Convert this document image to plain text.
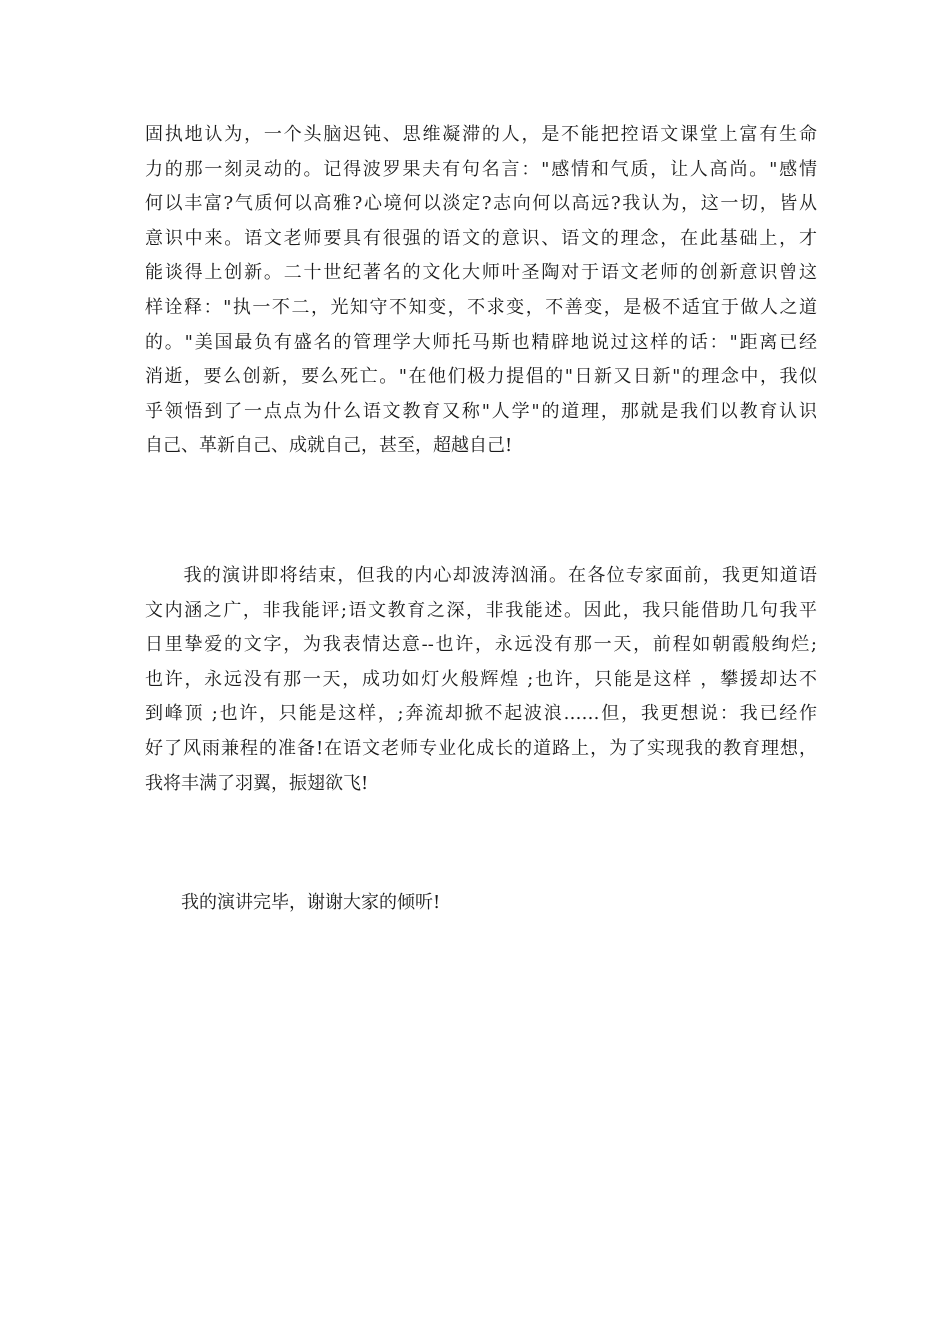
固执地认为，一个头脑迟钝、思维凝滞的人，是不能把控语文课堂上富有生命
力的那一刻灵动的。记得波罗果夫有句名言："感情和气质，让人高尚。"感情
何以丰富?气质何以高雅?心境何以淡定?志向何以高远?我认为，这一切，皆从
意识中来。语文老师要具有很强的语文的意识、语文的理念，在此基础上，才
能谈得上创新。二十世纪著名的文化大师叶圣陶对于语文老师的创新意识曾这
样诠释："执一不二，光知守不知变，不求变，不善变，是极不适宜于做人之道
的。"美国最负有盛名的管理学大师托马斯也精辟地说过这样的话："距离已经
消逝，要么创新，要么死亡。"在他们极力提倡的"日新又日新"的理念中，我似
乎领悟到了一点点为什么语文教育又称"人学"的道理，那就是我们以教育认识
自己、革新自己、成就自己，甚至，超越自己!
　　我的演讲即将结束，但我的内心却波涛汹涌。在各位专家面前，我更知道语
文内涵之广，非我能评;语文教育之深，非我能述。因此，我只能借助几句我平
日里挚爱的文字，为我表情达意--也许，永远没有那一天，前程如朝霞般绚烂;
也许，永远没有那一天，成功如灯火般辉煌 ;也许，只能是这样 ，攀援却达不
到峰顶 ;也许，只能是这样，;奔流却掀不起波浪……但，我更想说：我已经作
好了风雨兼程的准备!在语文老师专业化成长的道路上，为了实现我的教育理想，
我将丰满了羽翼，振翅欲飞!
　　我的演讲完毕，谢谢大家的倾听!
